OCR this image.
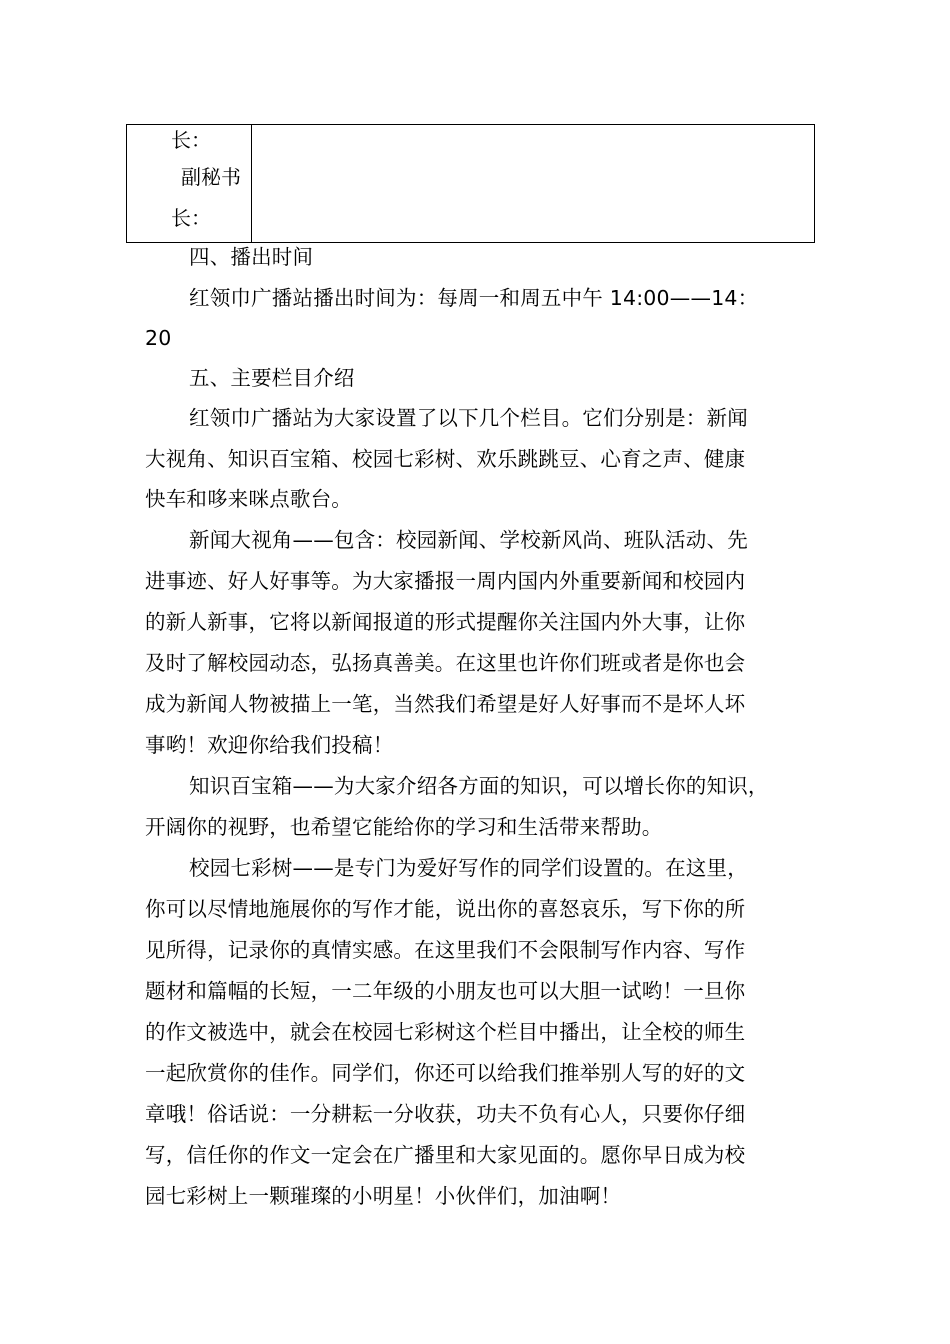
长：
副秘书
长：
四、播出时间
红领巾广播站播出时间为：每周一和周五中午 14:00——14：
20
五、主要栏目介绍
红领巾广播站为大家设置了以下几个栏目。它们分别是：新闻
大视角、知识百宝箱、校园七彩树、欢乐跳跳豆、心育之声、健康
快车和哆来咪点歌台。
新闻大视角——包含：校园新闻、学校新风尚、班队活动、先
进事迹、好人好事等。为大家播报一周内国内外重要新闻和校园内
的新人新事，它将以新闻报道的形式提醒你关注国内外大事，让你
及时了解校园动态，弘扬真善美。在这里也许你们班或者是你也会
成为新闻人物被描上一笔，当然我们希望是好人好事而不是坏人坏
事哟！欢迎你给我们投稿！
知识百宝箱——为大家介绍各方面的知识，可以增长你的知识，
开阔你的视野，也希望它能给你的学习和生活带来帮助。
校园七彩树——是专门为爱好写作的同学们设置的。在这里，
你可以尽情地施展你的写作才能，说出你的喜怒哀乐，写下你的所
见所得，记录你的真情实感。在这里我们不会限制写作内容、写作
题材和篇幅的长短，一二年级的小朋友也可以大胆一试哟！一旦你
的作文被选中，就会在校园七彩树这个栏目中播出，让全校的师生
一起欣赏你的佳作。同学们，你还可以给我们推举别人写的好的文
章哦！俗话说：一分耕耘一分收获，功夫不负有心人，只要你仔细
写，信任你的作文一定会在广播里和大家见面的。愿你早日成为校
园七彩树上一颗璀璨的小明星！小伙伴们，加油啊！
